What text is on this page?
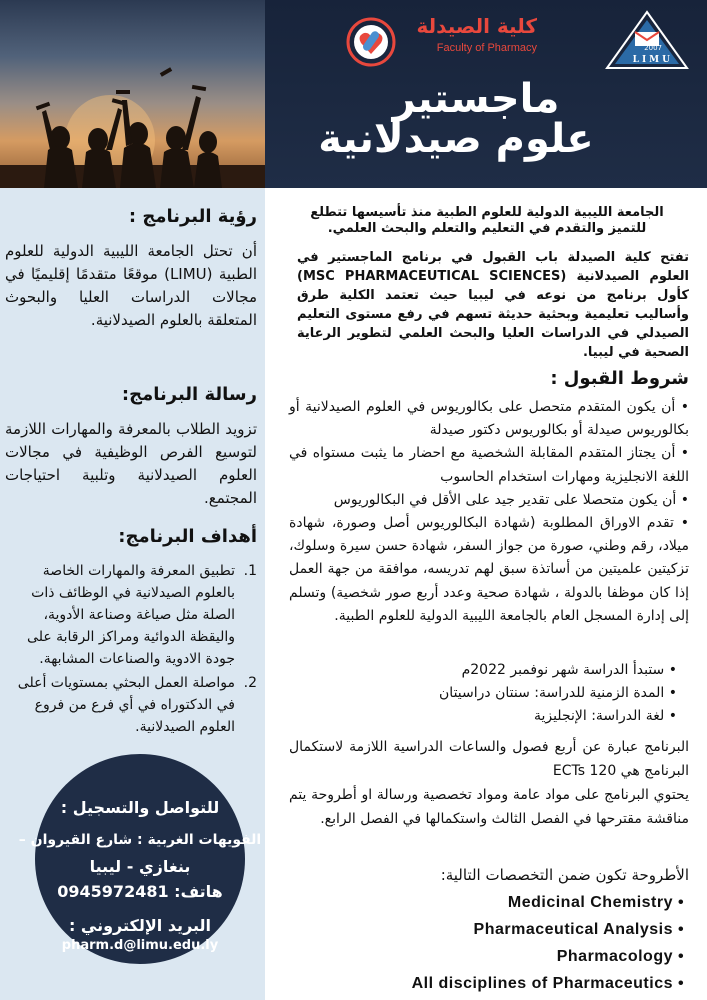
2007
LIMU
كلية الصيدلة
Faculty of Pharmacy
ماجستير
علوم صيدلانية
رؤية البرنامج :
أن تحتل الجامعة الليبية الدولية للعلوم الطبية (LIMU) موقعًا متقدمًا إقليميًا في مجالات الدراسات العليا والبحوث المتعلقة بالعلوم الصيدلانية.
رسالة البرنامج:
تزويد الطلاب بالمعرفة والمهارات اللازمة لتوسيع الفرص الوظيفية في مجالات العلوم الصيدلانية وتلبية احتياجات المجتمع.
أهداف البرنامج:
1.
تطبيق المعرفة والمهارات الخاصة بالعلوم الصيدلانية في الوظائف ذات الصلة مثل صياغة وصناعة الأدوية، واليقظة الدوائية ومراكز الرقابة على جودة الادوية والصناعات المشابهة.
2.
مواصلة العمل البحثي بمستويات أعلى في الدكتوراه في أي فرع من فروع العلوم الصيدلانية.
للتواصل والتسجيل :
الفويهات الغربية : شارع القيروان –
بنغازي - ليبيا
هاتف: 0945972481
البريد الإلكتروني :
pharm.d@limu.edu.ly
الجامعة الليبية الدولية للعلوم الطبية منذ تأسيسها تتطلع للتميز والتقدم في التعليم والتعلم والبحث العلمي.
تفتح كلية الصيدلة باب القبول في برنامج الماجستير في العلوم الصيدلانية (MSC PHARMACEUTICAL SCIENCES) كأول برنامج من نوعه في ليبيا حيث تعتمد الكلية طرق وأساليب تعليمية وبحثية حديثة تسهم في رفع مستوى التعليم الصيدلي في الدراسات العليا والبحث العلمي لتطوير الرعاية الصحية في ليبيا.
شروط القبول :
• أن يكون المتقدم متحصل على بكالوريوس في العلوم الصيدلانية أو بكالوريوس صيدلة أو بكالوريوس دكتور صيدلة
• أن يجتاز المتقدم المقابلة الشخصية مع احضار ما يثبت مستواه في اللغة الانجليزية ومهارات استخدام الحاسوب
• أن يكون متحصلا على تقدير جيد على الأقل في البكالوريوس
• تقدم الاوراق المطلوبة (شهادة البكالوريوس أصل وصورة، شهادة ميلاد، رقم وطني، صورة من جواز السفر، شهادة حسن سيرة وسلوك، تزكيتين علميتين من أساتذة سبق لهم تدريسه، موافقة من جهة العمل إذا كان موظفا بالدولة ، شهادة صحية وعدد أربع صور شخصية) وتسلم إلى إدارة المسجل العام بالجامعة الليبية الدولية للعلوم الطبية.
• ستبدأ الدراسة شهر نوفمبر 2022م
• المدة الزمنية للدراسة: سنتان دراسيتان
• لغة الدراسة: الإنجليزية
البرنامج عبارة عن أربع فصول والساعات الدراسية اللازمة لاستكمال البرنامج هي 120 ECTs
يحتوي البرنامج على مواد عامة ومواد تخصصية ورسالة او أطروحة يتم مناقشة مقترحها في الفصل الثالث واستكمالها في الفصل الرابع.
الأطروحة تكون ضمن التخصصات التالية:
•Medicinal Chemistry
•Pharmaceutical Analysis
•Pharmacology
•All disciplines of Pharmaceutics
